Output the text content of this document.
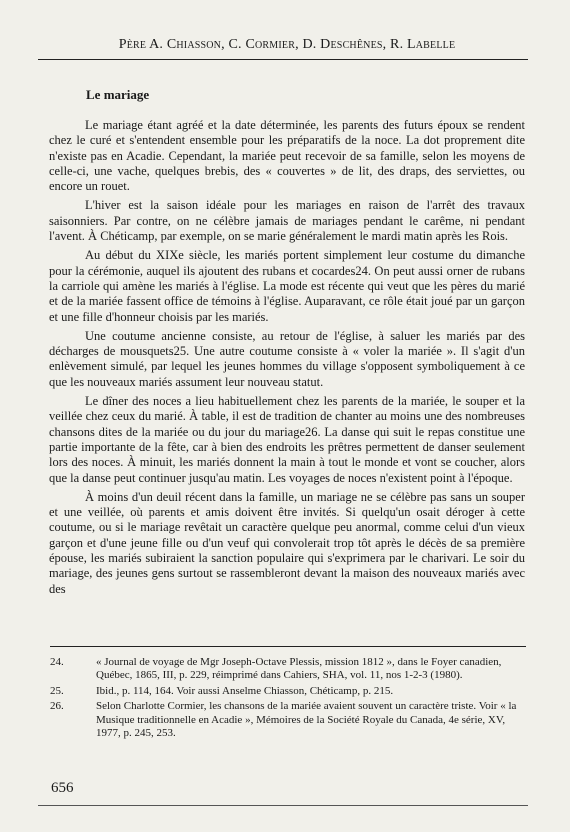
Père A. Chiasson, C. Cormier, D. Deschênes, R. Labelle
Le mariage

Le mariage étant agréé et la date déterminée, les parents des futurs époux se rendent chez le curé et s'entendent ensemble pour les préparatifs de la noce. La dot proprement dite n'existe pas en Acadie. Cependant, la mariée peut recevoir de sa famille, selon les moyens de celle-ci, une vache, quelques brebis, des « couvertes » de lit, des draps, des serviettes, ou encore un rouet.

L'hiver est la saison idéale pour les mariages en raison de l'arrêt des travaux saisonniers. Par contre, on ne célèbre jamais de mariages pendant le carême, ni pendant l'avent. À Chéticamp, par exemple, on se marie généralement le mardi matin après les Rois.

Au début du XIXe siècle, les mariés portent simplement leur costume du dimanche pour la cérémonie, auquel ils ajoutent des rubans et cocardes24. On peut aussi orner de rubans la carriole qui amène les mariés à l'église. La mode est récente qui veut que les pères du marié et de la mariée fassent office de témoins à l'église. Auparavant, ce rôle était joué par un garçon et une fille d'honneur choisis par les mariés.

Une coutume ancienne consiste, au retour de l'église, à saluer les mariés par des décharges de mousquets25. Une autre coutume consiste à « voler la mariée ». Il s'agit d'un enlèvement simulé, par lequel les jeunes hommes du village s'opposent symboliquement à ce que les nouveaux mariés assument leur nouveau statut.

Le dîner des noces a lieu habituellement chez les parents de la mariée, le souper et la veillée chez ceux du marié. À table, il est de tradition de chanter au moins une des nombreuses chansons dites de la mariée ou du jour du mariage26. La danse qui suit le repas constitue une partie importante de la fête, car à bien des endroits les prêtres permettent de danser seulement lors des noces. À minuit, les mariés donnent la main à tout le monde et vont se coucher, alors que la danse peut continuer jusqu'au matin. Les voyages de noces n'existent point à l'époque.

À moins d'un deuil récent dans la famille, un mariage ne se célèbre pas sans un souper et une veillée, où parents et amis doivent être invités. Si quelqu'un osait déroger à cette coutume, ou si le mariage revêtait un caractère quelque peu anormal, comme celui d'un vieux garçon et d'une jeune fille ou d'un veuf qui convolerait trop tôt après le décès de sa première épouse, les mariés subiraient la sanction populaire qui s'exprimera par le charivari. Le soir du mariage, des jeunes gens surtout se rassembleront devant la maison des nouveaux mariés avec des

24.	« Journal de voyage de Mgr Joseph-Octave Plessis, mission 1812 », dans le Foyer canadien, Québec, 1865, III, p. 229, réimprimé dans Cahiers, SHA, vol. 11, nos 1-2-3 (1980).
25.	Ibid., p. 114, 164. Voir aussi Anselme Chiasson, Chéticamp, p. 215.
26.	Selon Charlotte Cormier, les chansons de la mariée avaient souvent un caractère triste. Voir « la Musique traditionnelle en Acadie », Mémoires de la Société Royale du Canada, 4e série, XV, 1977, p. 245, 253.
656
